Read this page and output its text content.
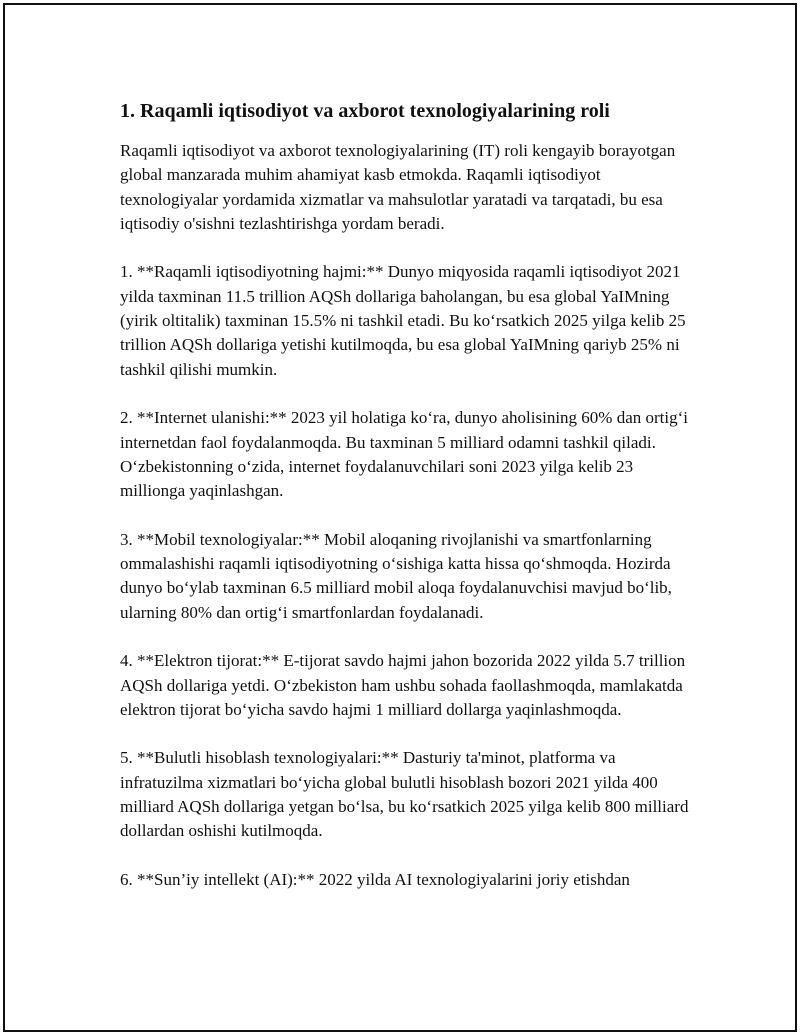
1. Raqamli iqtisodiyot va axborot texnologiyalarining roli

Raqamli iqtisodiyot va axborot texnologiyalarining (IT) roli kengayib borayotgan global manzarada muhim ahamiyat kasb etmokda. Raqamli iqtisodiyot texnologiyalar yordamida xizmatlar va mahsulotlar yaratadi va tarqatadi, bu esa iqtisodiy o'sishni tezlashtirishga yordam beradi.

1. **Raqamli iqtisodiyotning hajmi:** Dunyo miqyosida raqamli iqtisodiyot 2021 yilda taxminan 11.5 trillion AQSh dollariga baholangan, bu esa global YaIMning (yirik oltitalik) taxminan 15.5% ni tashkil etadi. Bu ko‘rsatkich 2025 yilga kelib 25 trillion AQSh dollariga yetishi kutilmoqda, bu esa global YaIMning qariyb 25% ni tashkil qilishi mumkin.

2. **Internet ulanishi:** 2023 yil holatiga ko‘ra, dunyo aholisining 60% dan ortig‘i internetdan faol foydalanmoqda. Bu taxminan 5 milliard odamni tashkil qiladi. O‘zbekistonning o‘zida, internet foydalanuvchilari soni 2023 yilga kelib 23 millionga yaqinlashgan.

3. **Mobil texnologiyalar:** Mobil aloqaning rivojlanishi va smartfonlarning ommalashishi raqamli iqtisodiyotning o‘sishiga katta hissa qo‘shmoqda. Hozirda dunyo bo‘ylab taxminan 6.5 milliard mobil aloqa foydalanuvchisi mavjud bo‘lib, ularning 80% dan ortig‘i smartfonlardan foydalanadi.

4. **Elektron tijorat:** E-tijorat savdo hajmi jahon bozorida 2022 yilda 5.7 trillion AQSh dollariga yetdi. O‘zbekiston ham ushbu sohada faollashmoqda, mamlakatda elektron tijorat bo‘yicha savdo hajmi 1 milliard dollarga yaqinlashmoqda.

5. **Bulutli hisoblash texnologiyalari:** Dasturiy ta'minot, platforma va infratuzilma xizmatlari bo‘yicha global bulutli hisoblash bozori 2021 yilda 400 milliard AQSh dollariga yetgan bo‘lsa, bu ko‘rsatkich 2025 yilga kelib 800 milliard dollardan oshishi kutilmoqda.

6. **Sun’iy intellekt (AI):** 2022 yilda AI texnologiyalarini joriy etishdan
